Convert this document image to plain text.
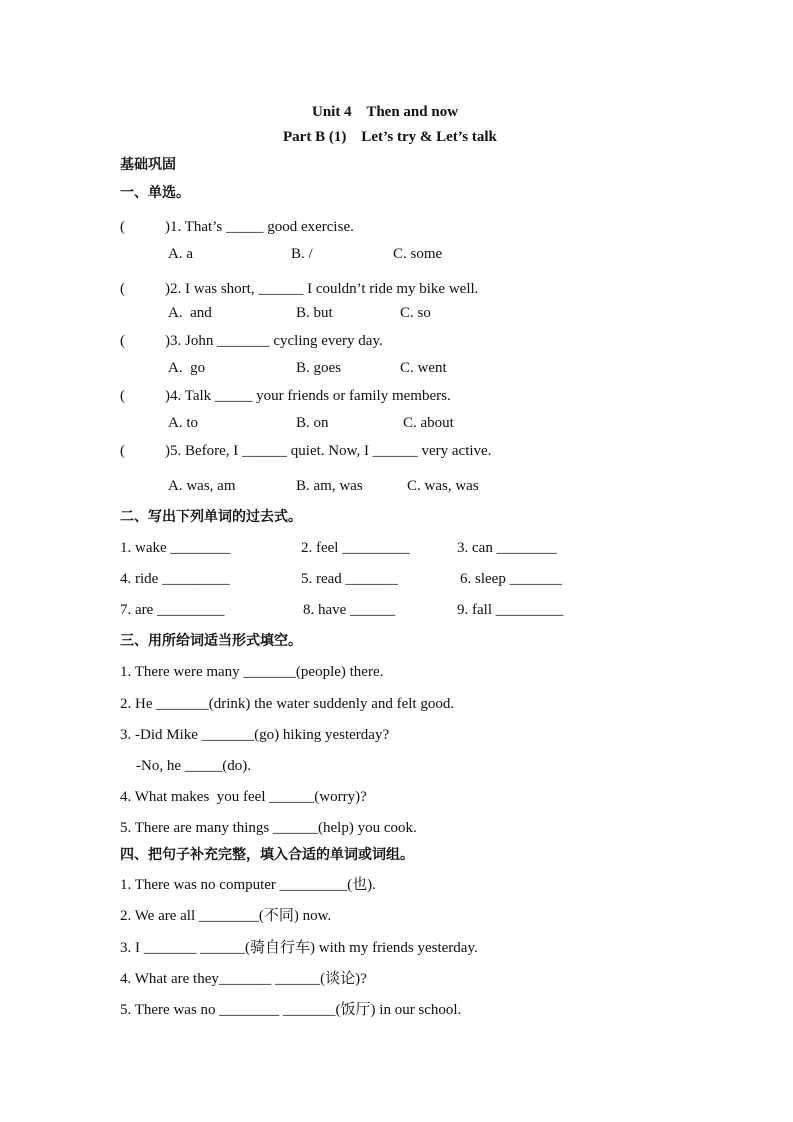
Unit 4    Then and now
Part B (1)    Let’s try & Let’s talk
基础巩固
一、单选。
(	)1. That’s _____ good exercise.
A. a	B. /	C. some
(	)2. I was short, ______ I couldn’t ride my bike well.
A.  and	B. but	C. so
(	)3. John _______ cycling every day.
A.  go	B. goes	C. went
(	)4. Talk _____ your friends or family members.
A. to	B. on	C. about
(	)5. Before, I ______ quiet. Now, I ______ very active.
A. was, am	B. am, was	C. was, was
二、写出下列单词的过去式。
1. wake ________	2. feel _________	3. can ________
4. ride _________	5. read _______	6. sleep _______
7. are _________	8. have ______	9. fall _________
三、用所给词适当形式填空。
1. There were many _______(people) there.
2. He _______(drink) the water suddenly and felt good.
3. -Did Mike _______(go) hiking yesterday?
-No, he _____(do).
4. What makes  you feel ______(worry)?
5. There are many things ______(help) you cook.
四、把句子补充完整，填入合适的单词或词组。
1. There was no computer _________(也).
2. We are all ________(不同) now.
3. I _______ ______(骑自行车) with my friends yesterday.
4. What are they_______ ______(谈论)?
5. There was no ________ _______(饭厅) in our school.
